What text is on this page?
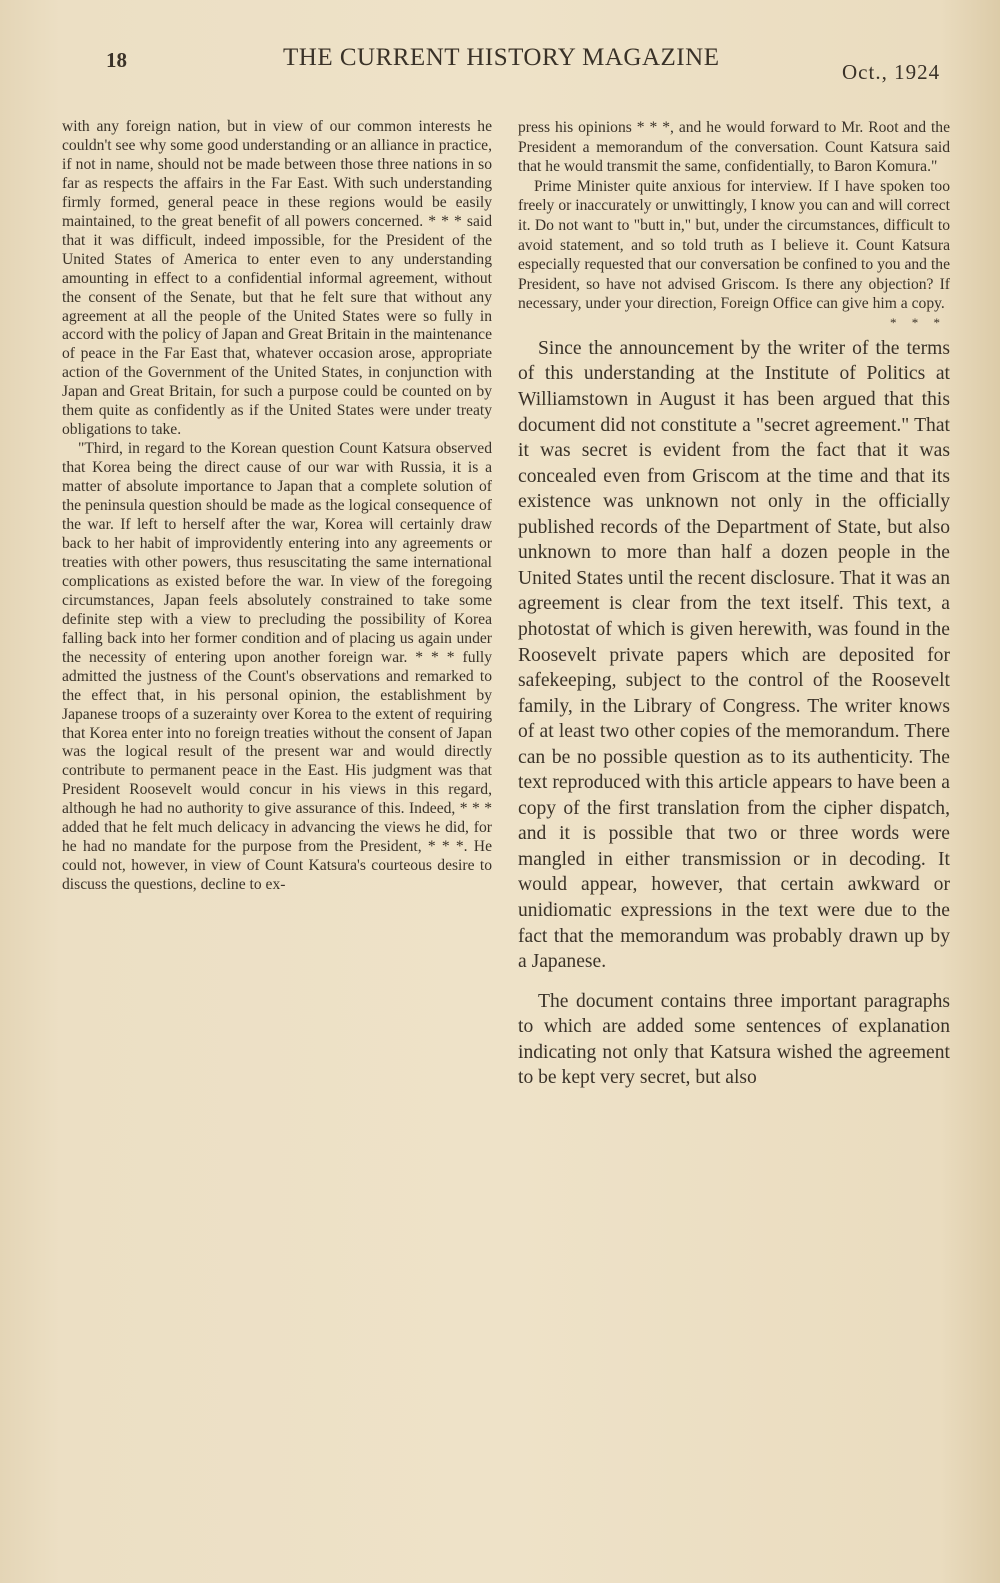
18	THE CURRENT HISTORY MAGAZINE
Oct., 1924

with any foreign nation, but in view of our common interests he couldn't see why some good understanding or an alliance in practice, if not in name, should not be made between those three nations in so far as respects the affairs in the Far East. With such understanding firmly formed, general peace in these regions would be easily maintained, to the great benefit of all powers concerned. * * * said that it was difficult, indeed impossible, for the President of the United States of America to enter even to any understanding amounting in effect to a confidential informal agreement, without the consent of the Senate, but that he felt sure that without any agreement at all the people of the United States were so fully in accord with the policy of Japan and Great Britain in the maintenance of peace in the Far East that, whatever occasion arose, appropriate action of the Government of the United States, in conjunction with Japan and Great Britain, for such a purpose could be counted on by them quite as confidently as if the United States were under treaty obligations to take.

"Third, in regard to the Korean question Count Katsura observed that Korea being the direct cause of our war with Russia, it is a matter of absolute importance to Japan that a complete solution of the peninsula question should be made as the logical consequence of the war. If left to herself after the war, Korea will certainly draw back to her habit of improvidently entering into any agreements or treaties with other powers, thus resuscitating the same international complications as existed before the war. In view of the foregoing circumstances, Japan feels absolutely constrained to take some definite step with a view to precluding the possibility of Korea falling back into her former condition and of placing us again under the necessity of entering upon another foreign war. * * * fully admitted the justness of the Count's observations and remarked to the effect that, in his personal opinion, the establishment by Japanese troops of a suzerainty over Korea to the extent of requiring that Korea enter into no foreign treaties without the consent of Japan was the logical result of the present war and would directly contribute to permanent peace in the East. His judgment was that President Roosevelt would concur in his views in this regard, although he had no authority to give assurance of this. Indeed, * * * added that he felt much delicacy in advancing the views he did, for he had no mandate for the purpose from the President, * * *. He could not, however, in view of Count Katsura's courteous desire to discuss the questions, decline to ex-

press his opinions * * *, and he would forward to Mr. Root and the President a memorandum of the conversation. Count Katsura said that he would transmit the same, confidentially, to Baron Komura."

Prime Minister quite anxious for interview. If I have spoken too freely or inaccurately or unwittingly, I know you can and will correct it. Do not want to "butt in," but, under the circumstances, difficult to avoid statement, and so told truth as I believe it. Count Katsura especially requested that our conversation be confined to you and the President, so have not advised Griscom. Is there any objection? If necessary, under your direction, Foreign Office can give him a copy.

* * *

Since the announcement by the writer of the terms of this understanding at the Institute of Politics at Williamstown in August it has been argued that this document did not constitute a "secret agreement." That it was secret is evident from the fact that it was concealed even from Griscom at the time and that its existence was unknown not only in the officially published records of the Department of State, but also unknown to more than half a dozen people in the United States until the recent disclosure. That it was an agreement is clear from the text itself. This text, a photostat of which is given herewith, was found in the Roosevelt private papers which are deposited for safekeeping, subject to the control of the Roosevelt family, in the Library of Congress. The writer knows of at least two other copies of the memorandum. There can be no possible question as to its authenticity. The text reproduced with this article appears to have been a copy of the first translation from the cipher dispatch, and it is possible that two or three words were mangled in either transmission or in decoding. It would appear, however, that certain awkward or unidiomatic expressions in the text were due to the fact that the memorandum was probably drawn up by a Japanese.

The document contains three important paragraphs to which are added some sentences of explanation indicating not only that Katsura wished the agreement to be kept very secret, but also
